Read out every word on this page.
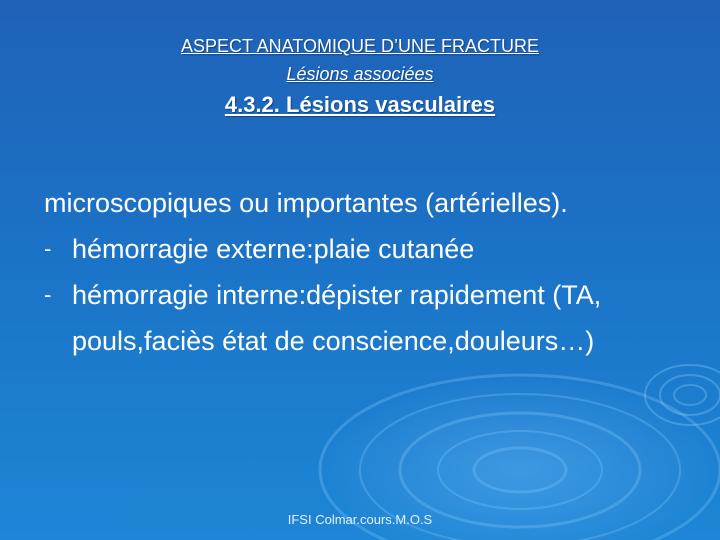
ASPECT ANATOMIQUE D’UNE FRACTURE
Lésions associées
4.3.2. Lésions vasculaires

microscopiques ou importantes (artérielles).

- hémorragie externe:plaie cutanée
- hémorragie interne:dépister rapidement (TA, pouls,faciès état de conscience,douleurs…)
IFSI Colmar.cours.M.O.S
